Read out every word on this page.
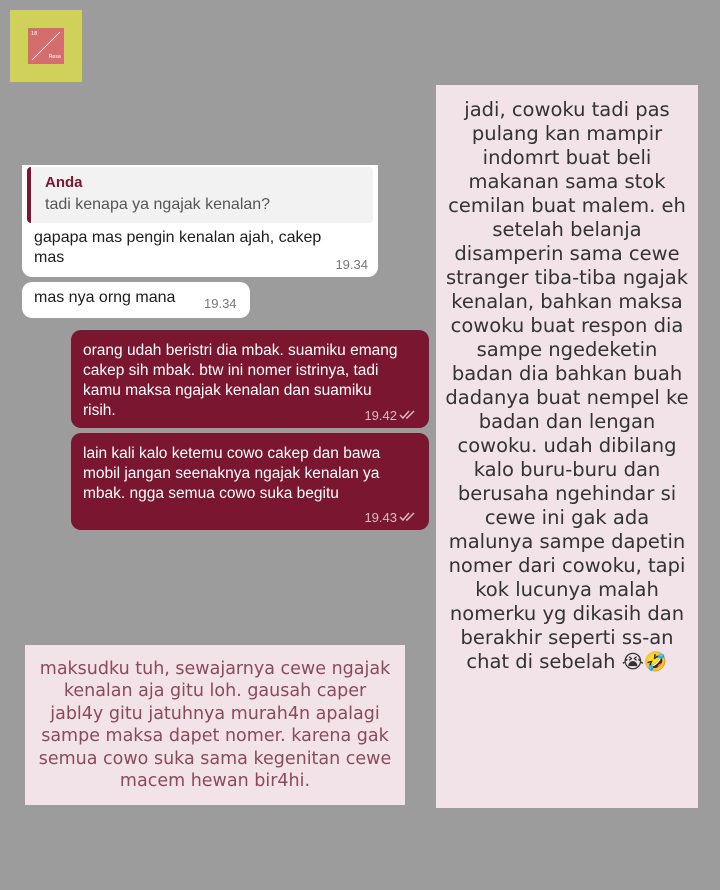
18
Resa
Anda
tadi kenapa ya ngajak kenalan?
gapapa mas pengin kenalan ajah, cakep mas	19.34
mas nya orng mana 19.34
orang udah beristri dia mbak. suamiku emang cakep sih mbak. btw ini nomer istrinya, tadi kamu maksa ngajak kenalan dan suamiku risih.	19.42
lain kali kalo ketemu cowo cakep dan bawa mobil jangan seenaknya ngajak kenalan ya mbak. ngga semua cowo suka begitu
19.43
jadi, cowoku tadi pas pulang kan mampir indomrt buat beli makanan sama stok cemilan buat malem. eh setelah belanja disamperin sama cewe stranger tiba-tiba ngajak kenalan, bahkan maksa cowoku buat respon dia sampe ngedeketin badan dia bahkan buah dadanya buat nempel ke badan dan lengan cowoku. udah dibilang kalo buru-buru dan berusaha ngehindar si cewe ini gak ada malunya sampe dapetin nomer dari cowoku, tapi kok lucunya malah nomerku yg dikasih dan berakhir seperti ss-an chat di sebelah 😭🤣
maksudku tuh, sewajarnya cewe ngajak kenalan aja gitu loh. gausah caper jabl4y gitu jatuhnya murah4n apalagi sampe maksa dapet nomer. karena gak semua cowo suka sama kegenitan cewe macem hewan bir4hi.
